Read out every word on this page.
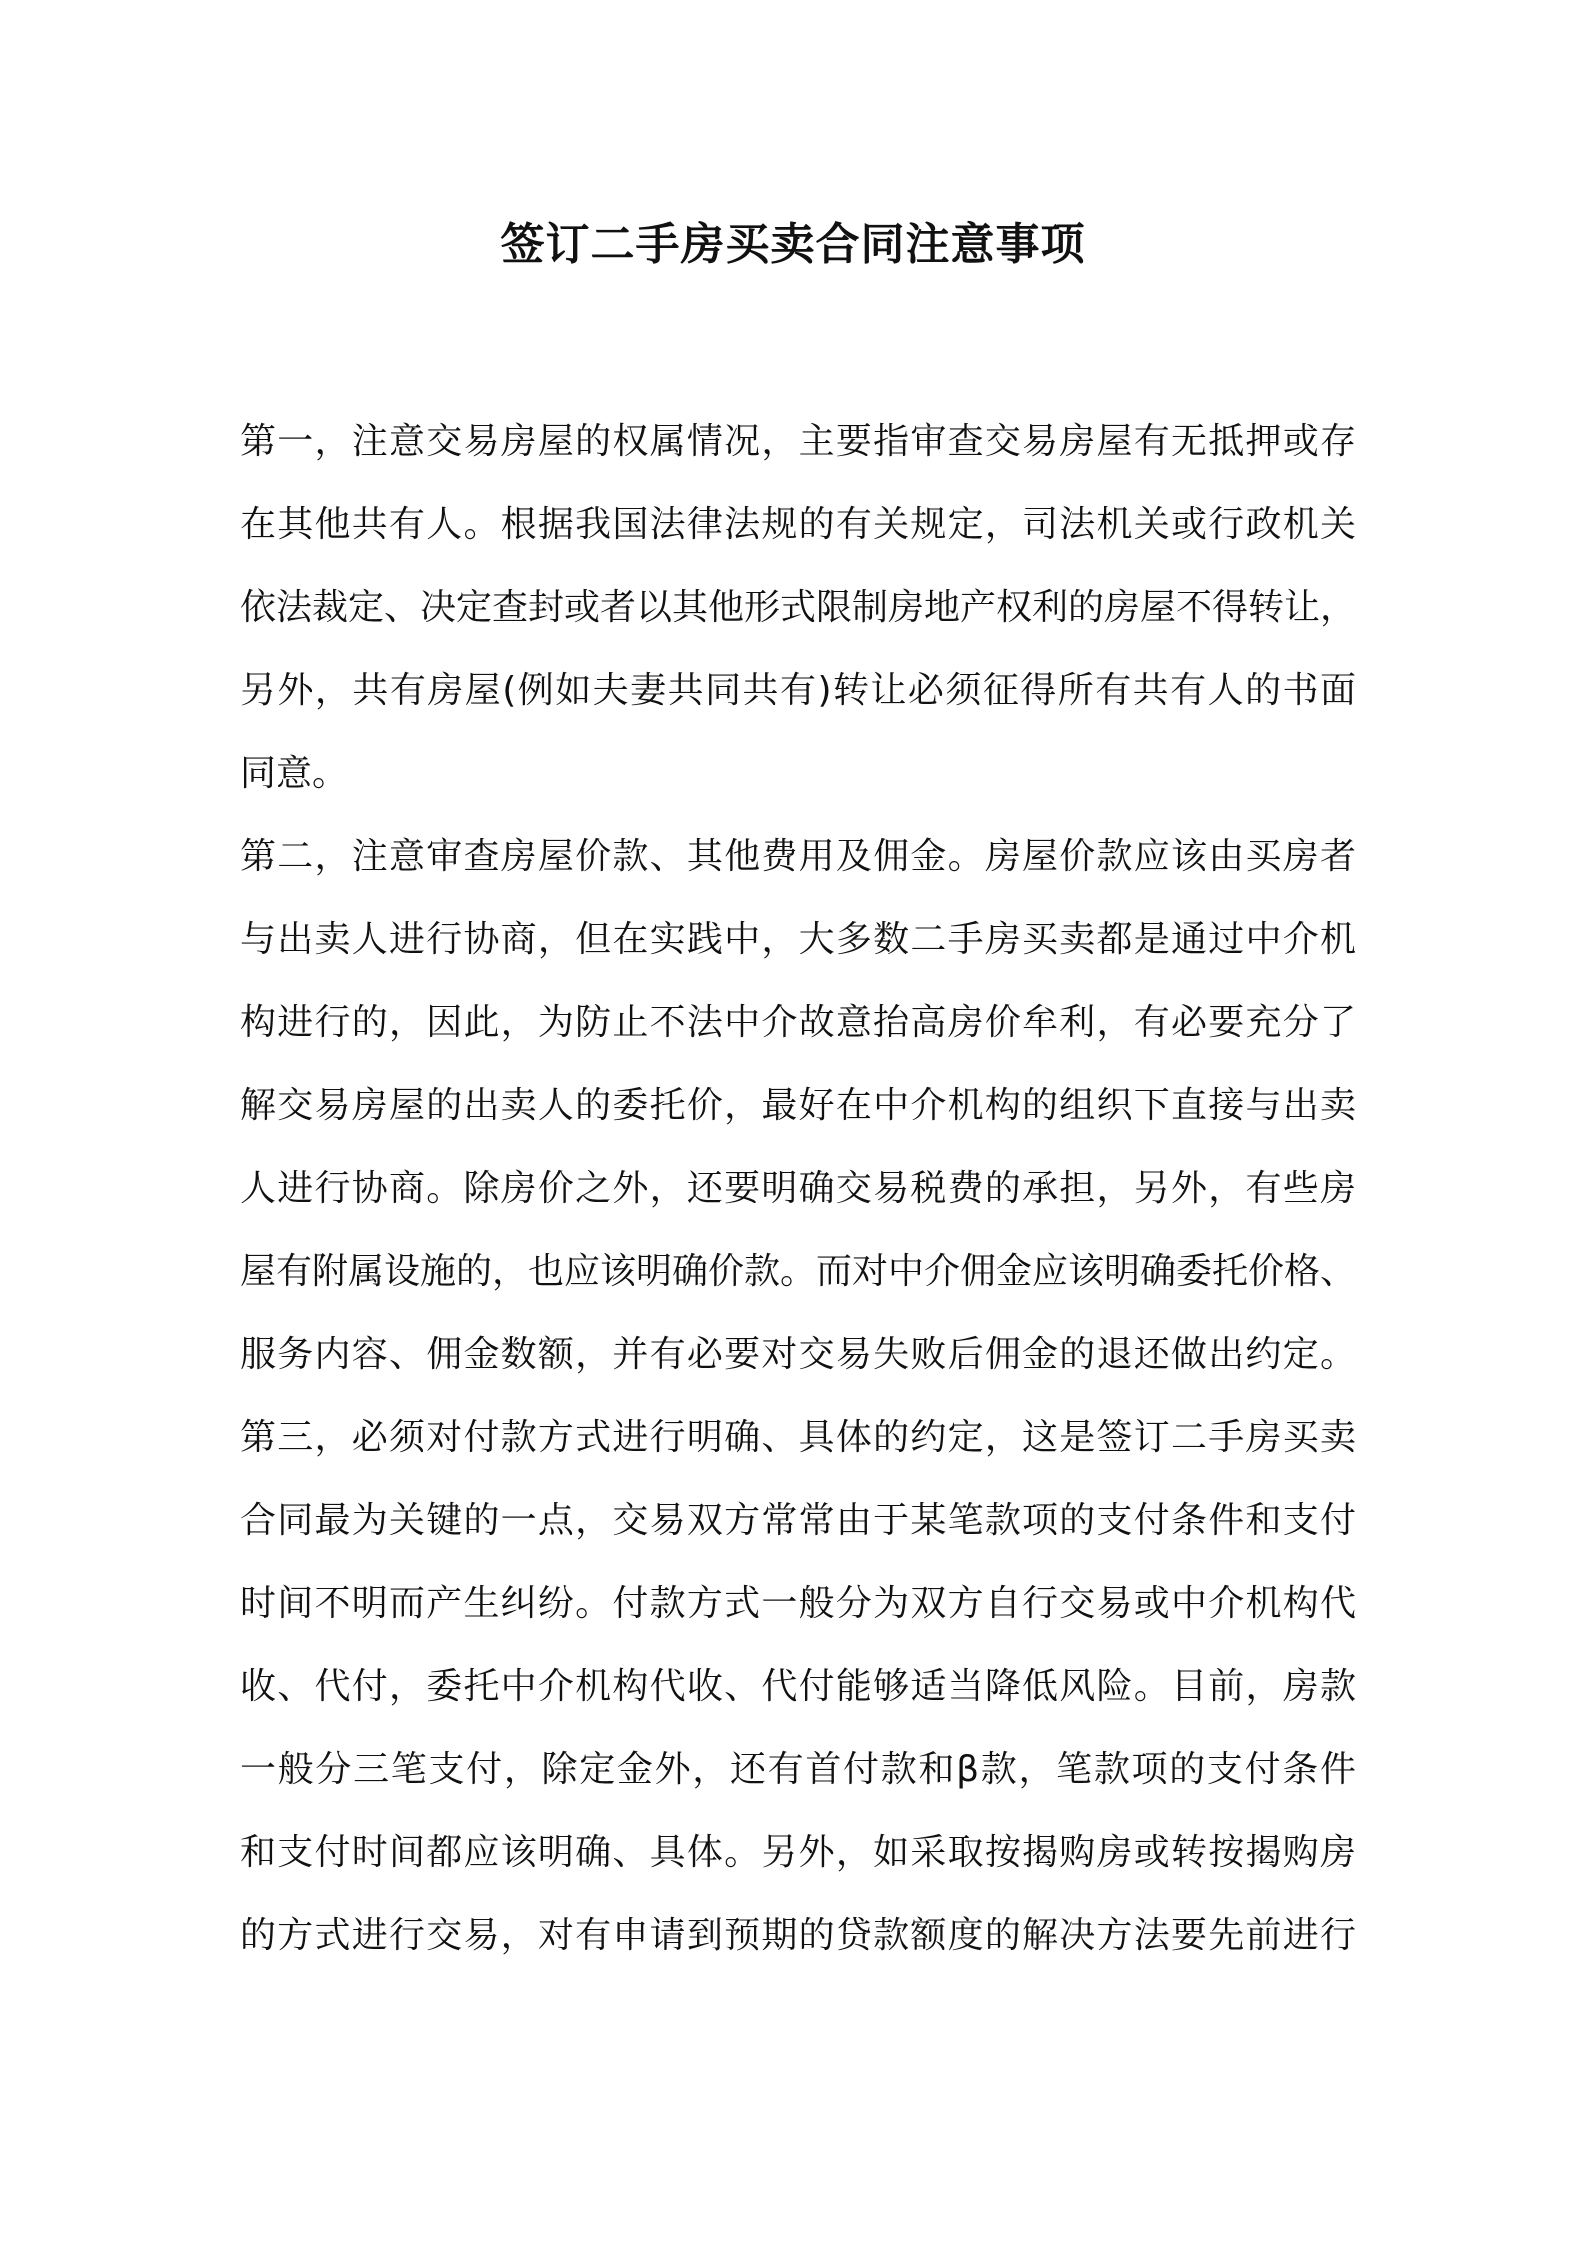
签订二手房买卖合同注意事项
第一，注意交易房屋的权属情况，主要指审查交易房屋有无抵押或存
在其他共有人。根据我国法律法规的有关规定，司法机关或行政机关
依法裁定、决定查封或者以其他形式限制房地产权利的房屋不得转让，
另外，共有房屋(例如夫妻共同共有)转让必须征得所有共有人的书面
同意。
第二，注意审查房屋价款、其他费用及佣金。房屋价款应该由买房者
与出卖人进行协商，但在实践中，大多数二手房买卖都是通过中介机
构进行的，因此，为防止不法中介故意抬高房价牟利，有必要充分了
解交易房屋的出卖人的委托价，最好在中介机构的组织下直接与出卖
人进行协商。除房价之外，还要明确交易税费的承担，另外，有些房
屋有附属设施的，也应该明确价款。而对中介佣金应该明确委托价格、
服务内容、佣金数额，并有必要对交易失败后佣金的退还做出约定。
第三，必须对付款方式进行明确、具体的约定，这是签订二手房买卖
合同最为关键的一点，交易双方常常由于某笔款项的支付条件和支付
时间不明而产生纠纷。付款方式一般分为双方自行交易或中介机构代
收、代付，委托中介机构代收、代付能够适当降低风险。目前，房款
一般分三笔支付，除定金外，还有首付款和β款，笔款项的支付条件
和支付时间都应该明确、具体。另外，如采取按揭购房或转按揭购房
的方式进行交易，对有申请到预期的贷款额度的解决方法要先前进行
